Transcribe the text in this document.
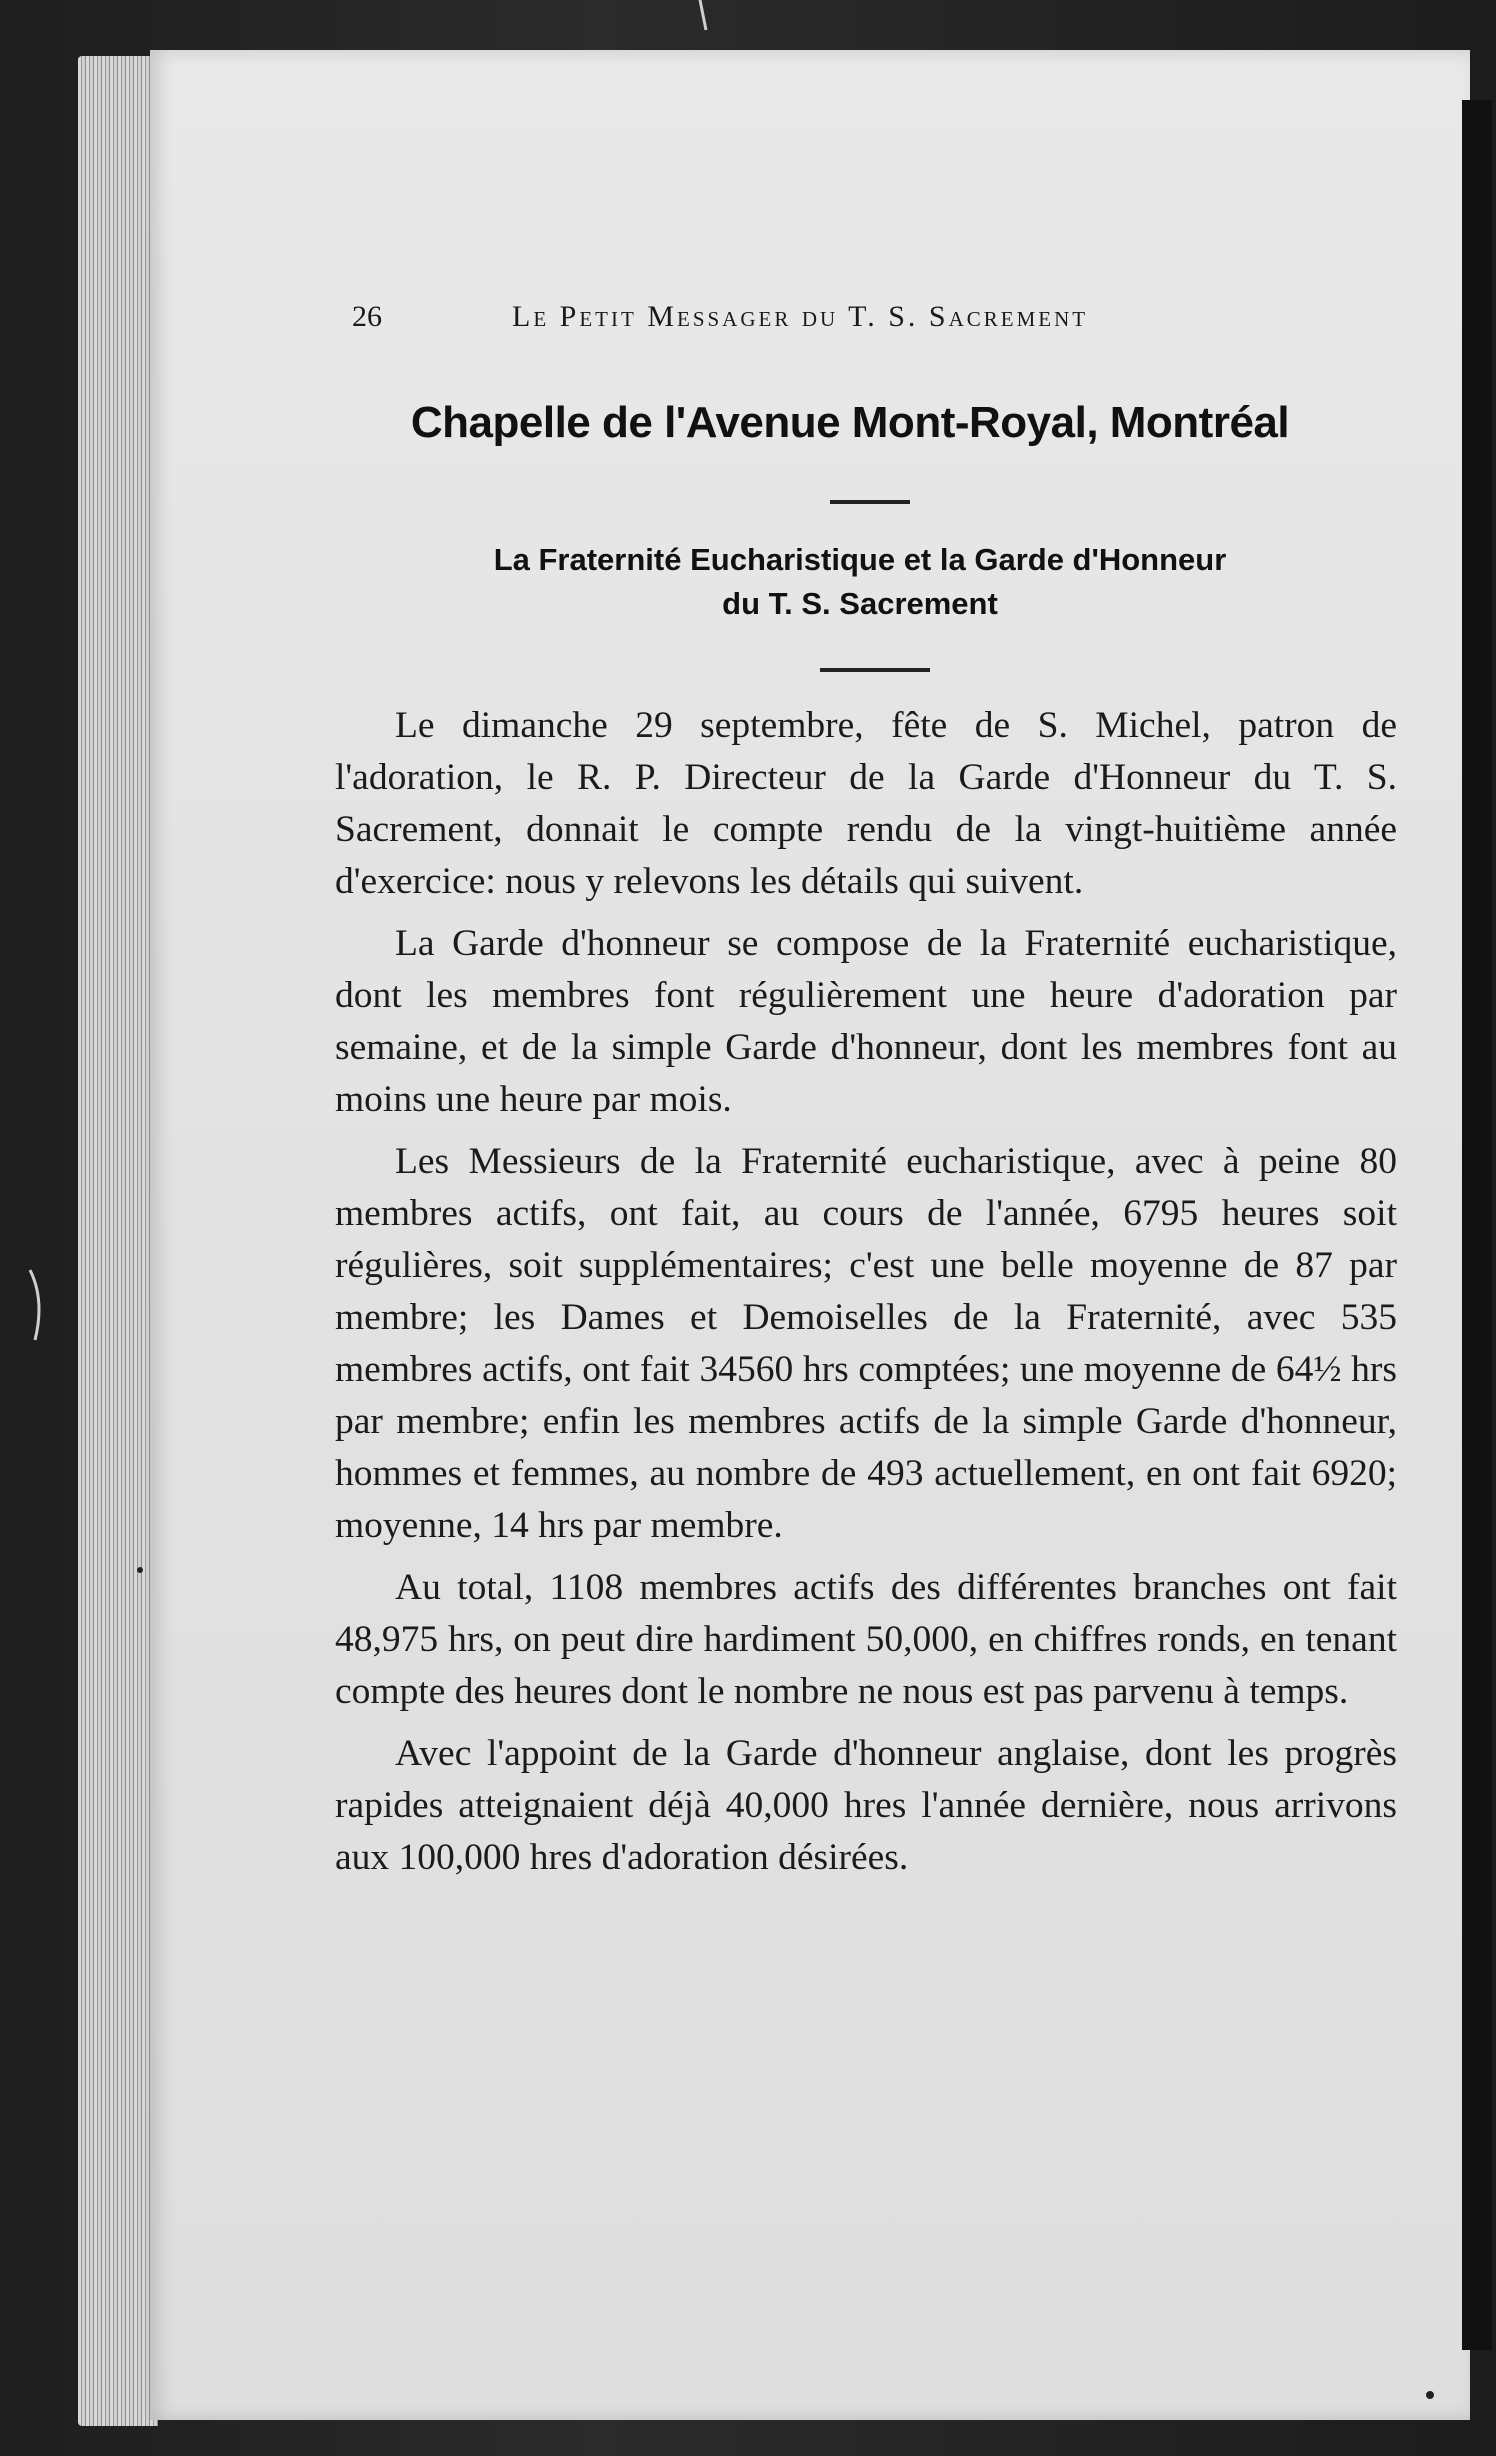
26	Le Petit Messager du T. S. Sacrement
Chapelle de l'Avenue Mont-Royal, Montréal
La Fraternité Eucharistique et la Garde d'Honneur
du T. S. Sacrement

Le dimanche 29 septembre, fête de S. Michel, patron de l'adoration, le R. P. Directeur de la Garde d'Honneur du T. S. Sacrement, donnait le compte rendu de la vingt-huitième année d'exercice: nous y relevons les détails qui suivent.

La Garde d'honneur se compose de la Fraternité eucharistique, dont les membres font régulièrement une heure d'adoration par semaine, et de la simple Garde d'honneur, dont les membres font au moins une heure par mois.

Les Messieurs de la Fraternité eucharistique, avec à peine 80 membres actifs, ont fait, au cours de l'année, 6795 heures soit régulières, soit supplémentaires; c'est une belle moyenne de 87 par membre; les Dames et Demoiselles de la Fraternité, avec 535 membres actifs, ont fait 34560 hrs comptées; une moyenne de 64½ hrs par membre; enfin les membres actifs de la simple Garde d'honneur, hommes et femmes, au nombre de 493 actuellement, en ont fait 6920; moyenne, 14 hrs par membre.

Au total, 1108 membres actifs des différentes branches ont fait 48,975 hrs, on peut dire hardiment 50,000, en chiffres ronds, en tenant compte des heures dont le nombre ne nous est pas parvenu à temps.

Avec l'appoint de la Garde d'honneur anglaise, dont les progrès rapides atteignaient déjà 40,000 hres l'année dernière, nous arrivons aux 100,000 hres d'adoration désirées.
